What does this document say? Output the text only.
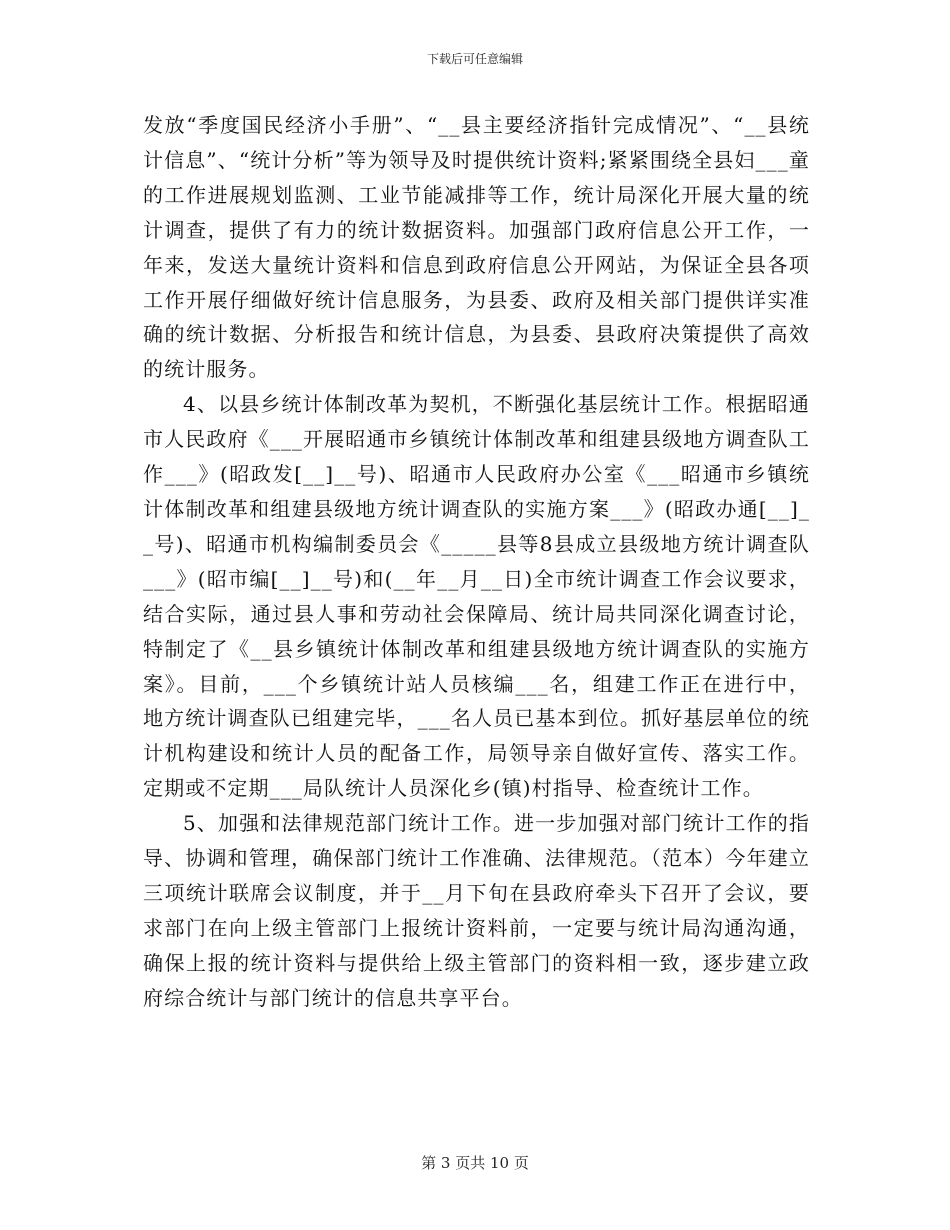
下载后可任意编辑

发放“季度国民经济小手册”、“__县主要经济指针完成情况”、“__县统计信息”、“统计分析”等为领导及时提供统计资料;紧紧围绕全县妇___童的工作进展规划监测、工业节能减排等工作，统计局深化开展大量的统计调查，提供了有力的统计数据资料。加强部门政府信息公开工作，一年来，发送大量统计资料和信息到政府信息公开网站，为保证全县各项工作开展仔细做好统计信息服务，为县委、政府及相关部门提供详实准确的统计数据、分析报告和统计信息，为县委、县政府决策提供了高效的统计服务。

4、以县乡统计体制改革为契机，不断强化基层统计工作。根据昭通市人民政府《___开展昭通市乡镇统计体制改革和组建县级地方调查队工作___》(昭政发[__]__号)、昭通市人民政府办公室《___昭通市乡镇统计体制改革和组建县级地方统计调查队的实施方案___》(昭政办通[__]__号)、昭通市机构编制委员会《_____县等8县成立县级地方统计调查队___》(昭市编[__]__号)和(__年__月__日)全市统计调查工作会议要求，结合实际，通过县人事和劳动社会保障局、统计局共同深化调查讨论，特制定了《__县乡镇统计体制改革和组建县级地方统计调查队的实施方案》。目前，___个乡镇统计站人员核编___名，组建工作正在进行中，地方统计调查队已组建完毕，___名人员已基本到位。抓好基层单位的统计机构建设和统计人员的配备工作，局领导亲自做好宣传、落实工作。定期或不定期___局队统计人员深化乡(镇)村指导、检查统计工作。

5、加强和法律规范部门统计工作。进一步加强对部门统计工作的指导、协调和管理，确保部门统计工作准确、法律规范。（范本）今年建立三项统计联席会议制度，并于__月下旬在县政府牵头下召开了会议，要求部门在向上级主管部门上报统计资料前，一定要与统计局沟通沟通，确保上报的统计资料与提供给上级主管部门的资料相一致，逐步建立政府综合统计与部门统计的信息共享平台。

第 3 页共 10 页
